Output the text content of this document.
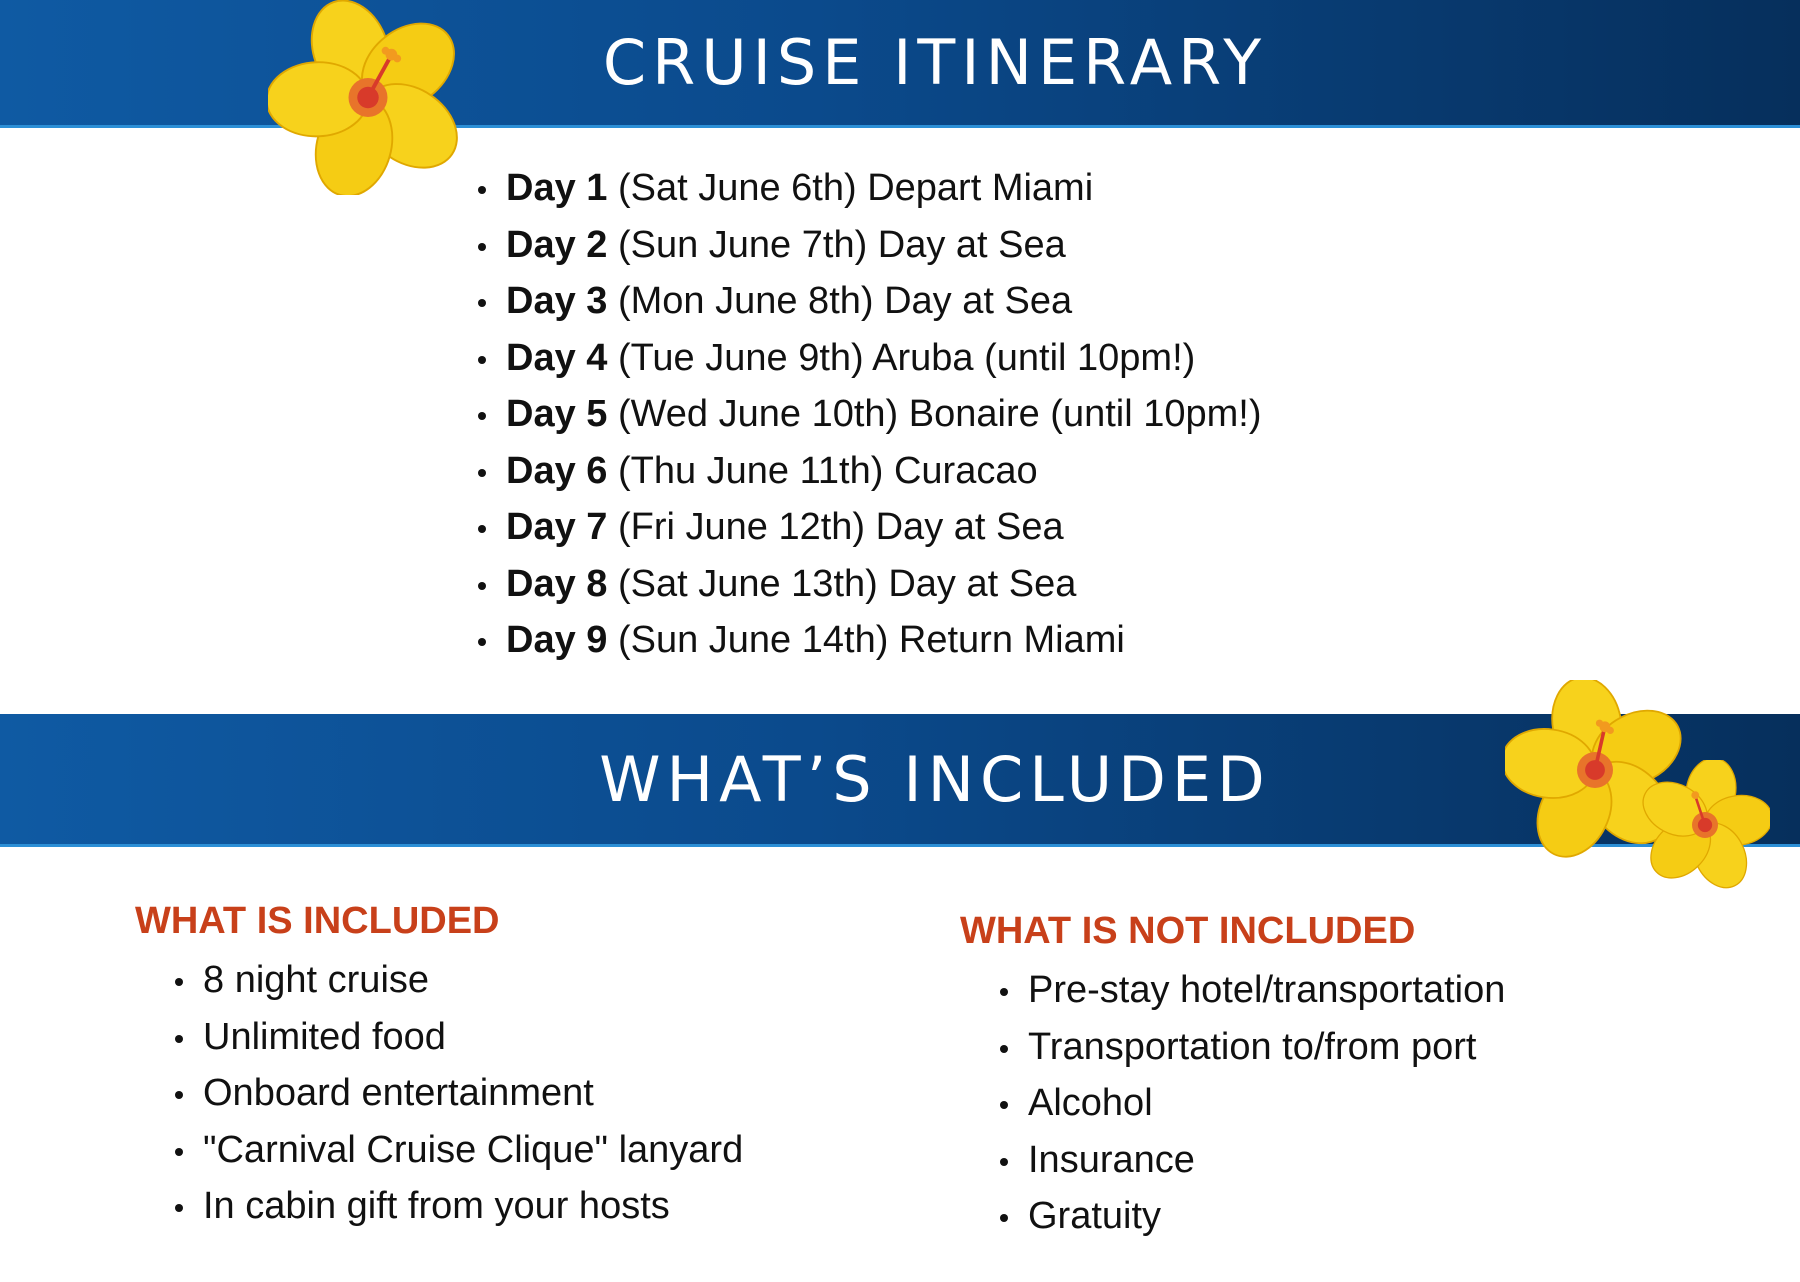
CRUISE ITINERARY
Day 1 (Sat June 6th) Depart Miami
Day 2 (Sun June 7th) Day at Sea
Day 3 (Mon June 8th) Day at Sea
Day 4 (Tue June 9th) Aruba (until 10pm!)
Day 5 (Wed June 10th) Bonaire (until 10pm!)
Day 6 (Thu June 11th) Curacao
Day 7 (Fri June 12th) Day at Sea
Day 8 (Sat June 13th) Day at Sea
Day 9 (Sun June 14th) Return Miami
WHAT’S INCLUDED
WHAT IS INCLUDED
8 night cruise
Unlimited food
Onboard entertainment
"Carnival Cruise Clique" lanyard
In cabin gift from your hosts
WHAT IS NOT INCLUDED
Pre-stay hotel/transportation
Transportation to/from port
Alcohol
Insurance
Gratuity
